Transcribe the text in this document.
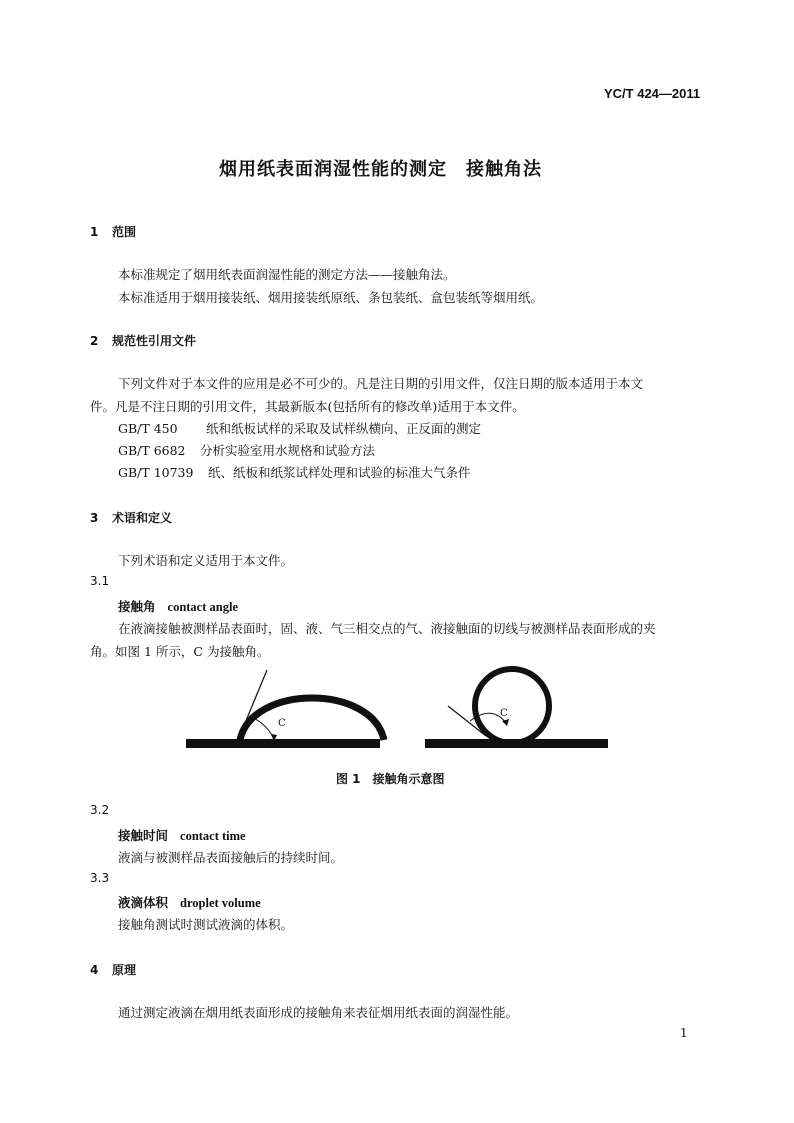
YC/T 424—2011
烟用纸表面润湿性能的测定　接触角法
1 范围
本标准规定了烟用纸表面润湿性能的测定方法——接触角法。
本标准适用于烟用接装纸、烟用接装纸原纸、条包装纸、盒包装纸等烟用纸。
2 规范性引用文件
下列文件对于本文件的应用是必不可少的。凡是注日期的引用文件，仅注日期的版本适用于本文
件。凡是不注日期的引用文件，其最新版本(包括所有的修改单)适用于本文件。
GB/T 450 纸和纸板试样的采取及试样纵横向、正反面的测定
GB/T 6682 分析实验室用水规格和试验方法
GB/T 10739 纸、纸板和纸浆试样处理和试验的标准大气条件
3 术语和定义
下列术语和定义适用于本文件。
3.1
接触角 contact angle
在液滴接触被测样品表面时，固、液、气三相交点的气、液接触面的切线与被测样品表面形成的夹
角。如图 1 所示，C 为接触角。
C
C
图 1　接触角示意图
3.2
接触时间 contact time
液滴与被测样品表面接触后的持续时间。
3.3
液滴体积 droplet volume
接触角测试时测试液滴的体积。
4 原理
通过测定液滴在烟用纸表面形成的接触角来表征烟用纸表面的润湿性能。
1
